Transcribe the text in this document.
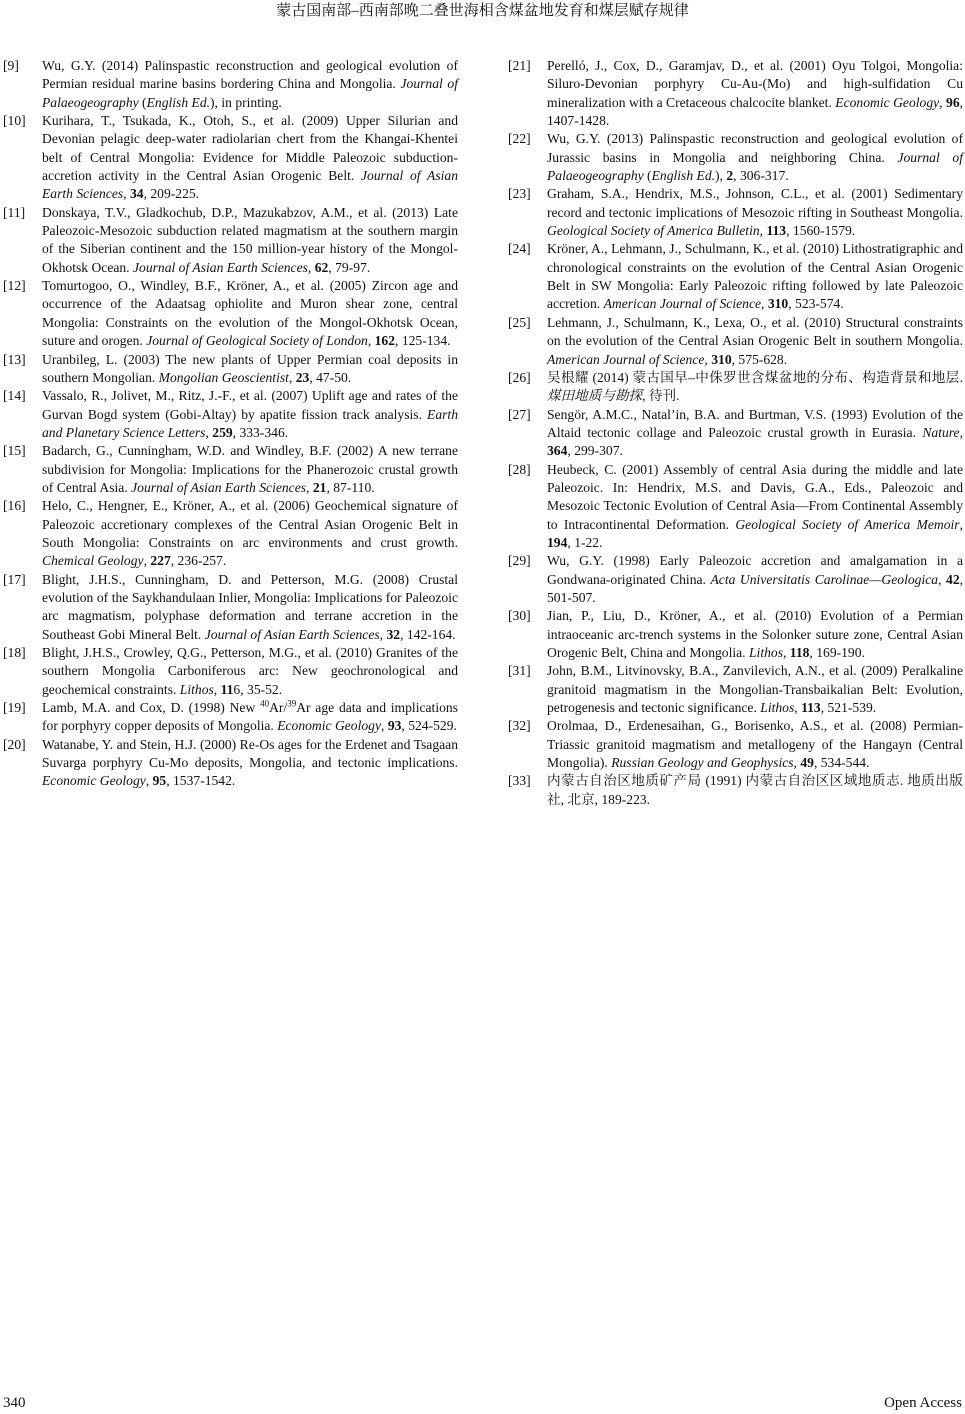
蒙古国南部–西南部晚二叠世海相含煤盆地发育和煤层赋存规律
[9] Wu, G.Y. (2014) Palinspastic reconstruction and geological evolution of Permian residual marine basins bordering China and Mongolia. Journal of Palaeogeography (English Ed.), in printing.
[10] Kurihara, T., Tsukada, K., Otoh, S., et al. (2009) Upper Silurian and Devonian pelagic deep-water radiolarian chert from the Khangai-Khentei belt of Central Mongolia: Evidence for Middle Paleozoic subduction-accretion activity in the Central Asian Orogenic Belt. Journal of Asian Earth Sciences, 34, 209-225.
[11] Donskaya, T.V., Gladkochub, D.P., Mazukabzov, A.M., et al. (2013) Late Paleozoic-Mesozoic subduction related magmatism at the southern margin of the Siberian continent and the 150 million-year history of the Mongol-Okhotsk Ocean. Journal of Asian Earth Sciences, 62, 79-97.
[12] Tomurtogoo, O., Windley, B.F., Kröner, A., et al. (2005) Zircon age and occurrence of the Adaatsag ophiolite and Muron shear zone, central Mongolia: Constraints on the evolution of the Mongol-Okhotsk Ocean, suture and orogen. Journal of Geological Society of London, 162, 125-134.
[13] Uranbileg, L. (2003) The new plants of Upper Permian coal deposits in southern Mongolian. Mongolian Geoscientist, 23, 47-50.
[14] Vassalo, R., Jolivet, M., Ritz, J.-F., et al. (2007) Uplift age and rates of the Gurvan Bogd system (Gobi-Altay) by apatite fission track analysis. Earth and Planetary Science Letters, 259, 333-346.
[15] Badarch, G., Cunningham, W.D. and Windley, B.F. (2002) A new terrane subdivision for Mongolia: Implications for the Phanerozoic crustal growth of Central Asia. Journal of Asian Earth Sciences, 21, 87-110.
[16] Helo, C., Hengner, E., Kröner, A., et al. (2006) Geochemical signature of Paleozoic accretionary complexes of the Central Asian Orogenic Belt in South Mongolia: Constraints on arc environments and crust growth. Chemical Geology, 227, 236-257.
[17] Blight, J.H.S., Cunningham, D. and Petterson, M.G. (2008) Crustal evolution of the Saykhandulaan Inlier, Mongolia: Implications for Paleozoic arc magmatism, polyphase deformation and terrane accretion in the Southeast Gobi Mineral Belt. Journal of Asian Earth Sciences, 32, 142-164.
[18] Blight, J.H.S., Crowley, Q.G., Petterson, M.G., et al. (2010) Granites of the southern Mongolia Carboniferous arc: New geochronological and geochemical constraints. Lithos, 116, 35-52.
[19] Lamb, M.A. and Cox, D. (1998) New $^{40}$Ar/$^{39}$Ar age data and implications for porphyry copper deposits of Mongolia. Economic Geology, 93, 524-529.
[20] Watanabe, Y. and Stein, H.J. (2000) Re-Os ages for the Erdenet and Tsagaan Suvarga porphyry Cu-Mo deposits, Mongolia, and tectonic implications. Economic Geology, 95, 1537-1542.
[21] Perelló, J., Cox, D., Garamjav, D., et al. (2001) Oyu Tolgoi, Mongolia: Siluro-Devonian porphyry Cu-Au-(Mo) and high-sulfidation Cu mineralization with a Cretaceous chalcocite blanket. Economic Geology, 96, 1407-1428.
[22] Wu, G.Y. (2013) Palinspastic reconstruction and geological evolution of Jurassic basins in Mongolia and neighboring China. Journal of Palaeogeography (English Ed.), 2, 306-317.
[23] Graham, S.A., Hendrix, M.S., Johnson, C.L., et al. (2001) Sedimentary record and tectonic implications of Mesozoic rifting in Southeast Mongolia. Geological Society of America Bulletin, 113, 1560-1579.
[24] Kröner, A., Lehmann, J., Schulmann, K., et al. (2010) Lithostratigraphic and chronological constraints on the evolution of the Central Asian Orogenic Belt in SW Mongolia: Early Paleozoic rifting followed by late Paleozoic accretion. American Journal of Science, 310, 523-574.
[25] Lehmann, J., Schulmann, K., Lexa, O., et al. (2010) Structural constraints on the evolution of the Central Asian Orogenic Belt in southern Mongolia. American Journal of Science, 310, 575-628.
[26] 吴根耀 (2014) 蒙古国早–中侏罗世含煤盆地的分布、构造背景和地层. 煤田地质与勘探, 待刊.
[27] Sengör, A.M.C., Natal’in, B.A. and Burtman, V.S. (1993) Evolution of the Altaid tectonic collage and Paleozoic crustal growth in Eurasia. Nature, 364, 299-307.
[28] Heubeck, C. (2001) Assembly of central Asia during the middle and late Paleozoic. In: Hendrix, M.S. and Davis, G.A., Eds., Paleozoic and Mesozoic Tectonic Evolution of Central Asia—From Continental Assembly to Intracontinental Deformation. Geological Society of America Memoir, 194, 1-22.
[29] Wu, G.Y. (1998) Early Paleozoic accretion and amalgamation in a Gondwana-originated China. Acta Universitatis Carolinae—Geologica, 42, 501-507.
[30] Jian, P., Liu, D., Kröner, A., et al. (2010) Evolution of a Permian intraoceanic arc-trench systems in the Solonker suture zone, Central Asian Orogenic Belt, China and Mongolia. Lithos, 118, 169-190.
[31] John, B.M., Litvinovsky, B.A., Zanvilevich, A.N., et al. (2009) Peralkaline granitoid magmatism in the Mongolian-Transbaikalian Belt: Evolution, petrogenesis and tectonic significance. Lithos, 113, 521-539.
[32] Orolmaa, D., Erdenesaihan, G., Borisenko, A.S., et al. (2008) Permian-Triassic granitoid magmatism and metallogeny of the Hangayn (Central Mongolia). Russian Geology and Geophysics, 49, 534-544.
[33] 内蒙古自治区地质矿产局 (1991) 内蒙古自治区区域地质志. 地质出版社, 北京, 189-223.
340	Open Access
